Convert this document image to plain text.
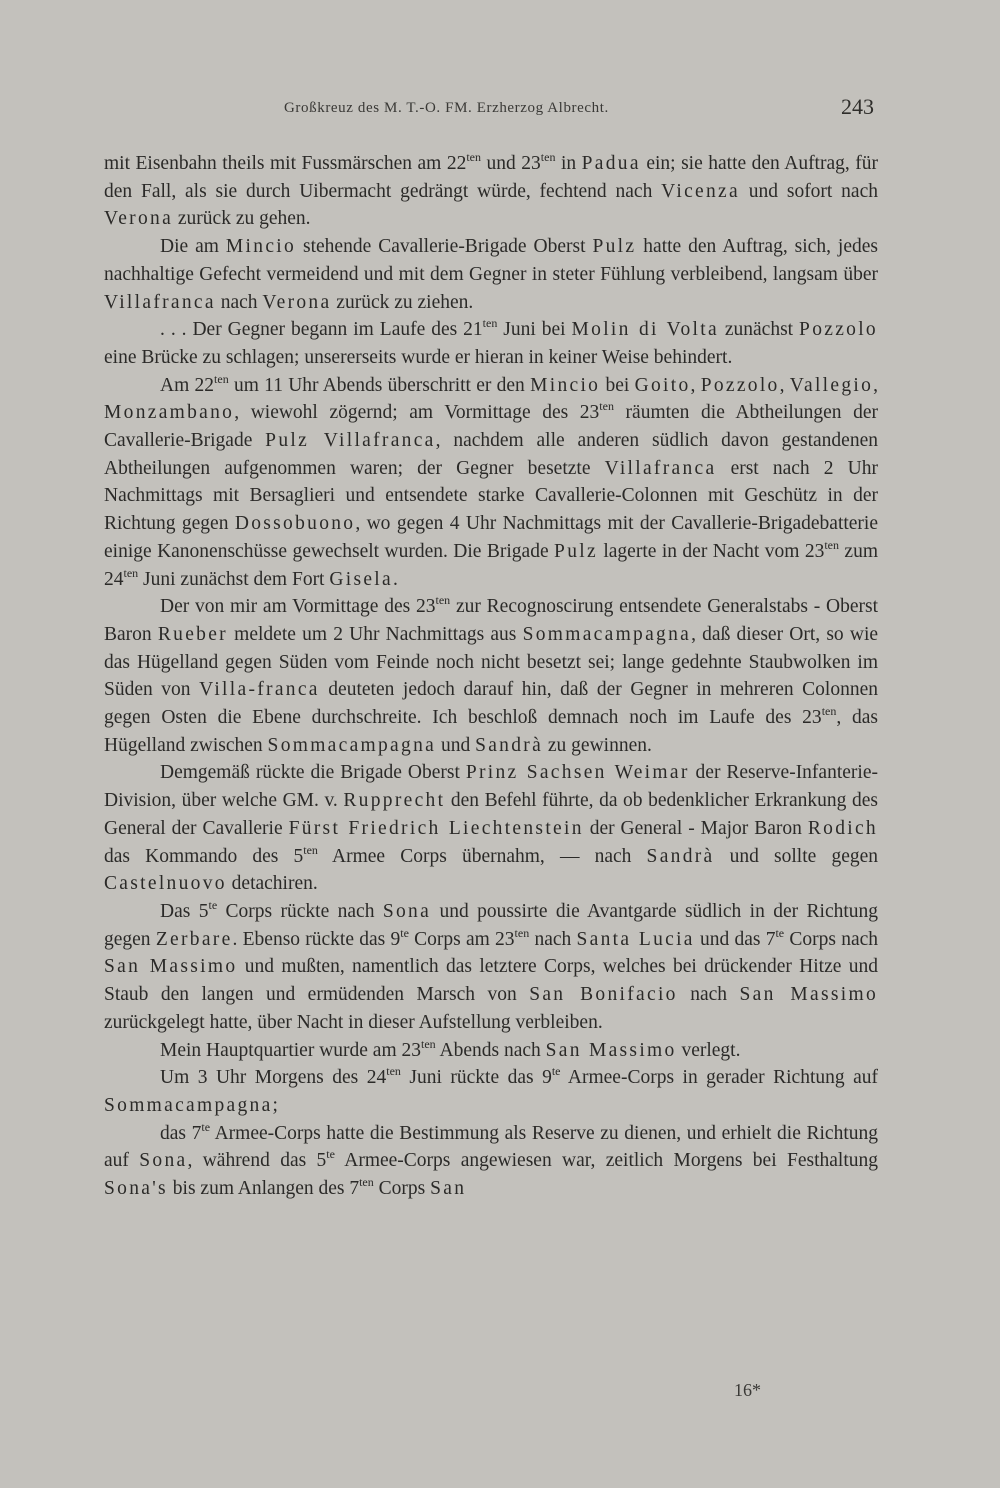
Großkreuz des M. T.-O. FM. Erzherzog Albrecht.	243

mit Eisenbahn theils mit Fussmärschen am $22^{ten}$ und $23^{ten}$ in Padua ein; sie hatte den Auftrag, für den Fall, als sie durch Uibermacht gedrängt würde, fechtend nach Vicenza und sofort nach Verona zurück zu gehen.

Die am Mincio stehende Cavallerie-Brigade Oberst Pulz hatte den Auftrag, sich, jedes nachhaltige Gefecht vermeidend und mit dem Gegner in steter Fühlung verbleibend, langsam über Villafranca nach Verona zurück zu ziehen.

. . . Der Gegner begann im Laufe des $21^{ten}$ Juni bei Molin di Volta zunächst Pozzolo eine Brücke zu schlagen; unsererseits wurde er hieran in keiner Weise behindert.

Am $22^{ten}$ um 11 Uhr Abends überschritt er den Mincio bei Goito, Pozzolo, Vallegio, Monzambano, wiewohl zögernd; am Vormittage des $23^{ten}$ räumten die Abtheilungen der Cavallerie-Brigade Pulz Villafranca, nachdem alle anderen südlich davon gestandenen Abtheilungen aufgenommen waren; der Gegner besetzte Villafranca erst nach 2 Uhr Nachmittags mit Bersaglieri und entsendete starke Cavallerie-Colonnen mit Geschütz in der Richtung gegen Dossobuono, wo gegen 4 Uhr Nachmittags mit der Cavallerie-Brigadebatterie einige Kanonenschüsse gewechselt wurden. Die Brigade Pulz lagerte in der Nacht vom $23^{ten}$ zum $24^{ten}$ Juni zunächst dem Fort Gisela.

Der von mir am Vormittage des $23^{ten}$ zur Recognoscirung entsendete Generalstabs - Oberst Baron Rueber meldete um 2 Uhr Nachmittags aus Sommacampagna, daß dieser Ort, so wie das Hügelland gegen Süden vom Feinde noch nicht besetzt sei; lange gedehnte Staubwolken im Süden von Villa-franca deuteten jedoch darauf hin, daß der Gegner in mehreren Colonnen gegen Osten die Ebene durchschreite. Ich beschloß demnach noch im Laufe des $23^{ten}$, das Hügelland zwischen Sommacampagna und Sandrà zu gewinnen.

Demgemäß rückte die Brigade Oberst Prinz Sachsen Weimar der Reserve-Infanterie-Division, über welche GM. v. Rupprecht den Befehl führte, da ob bedenklicher Erkrankung des General der Cavallerie Fürst Friedrich Liechtenstein der General - Major Baron Rodich das Kommando des $5^{ten}$ Armee Corps übernahm, — nach Sandrà und sollte gegen Castelnuovo detachiren.

Das $5^{te}$ Corps rückte nach Sona und poussirte die Avantgarde südlich in der Richtung gegen Zerbare. Ebenso rückte das $9^{te}$ Corps am $23^{ten}$ nach Santa Lucia und das $7^{te}$ Corps nach San Massimo und mußten, namentlich das letztere Corps, welches bei drückender Hitze und Staub den langen und ermüdenden Marsch von San Bonifacio nach San Massimo zurückgelegt hatte, über Nacht in dieser Aufstellung verbleiben.

Mein Hauptquartier wurde am $23^{ten}$ Abends nach San Massimo verlegt.

Um 3 Uhr Morgens des $24^{ten}$ Juni rückte das $9^{te}$ Armee-Corps in gerader Richtung auf Sommacampagna;

das $7^{te}$ Armee-Corps hatte die Bestimmung als Reserve zu dienen, und erhielt die Richtung auf Sona, während das $5^{te}$ Armee-Corps angewiesen war, zeitlich Morgens bei Festhaltung Sona's bis zum Anlangen des $7^{ten}$ Corps San

16*
